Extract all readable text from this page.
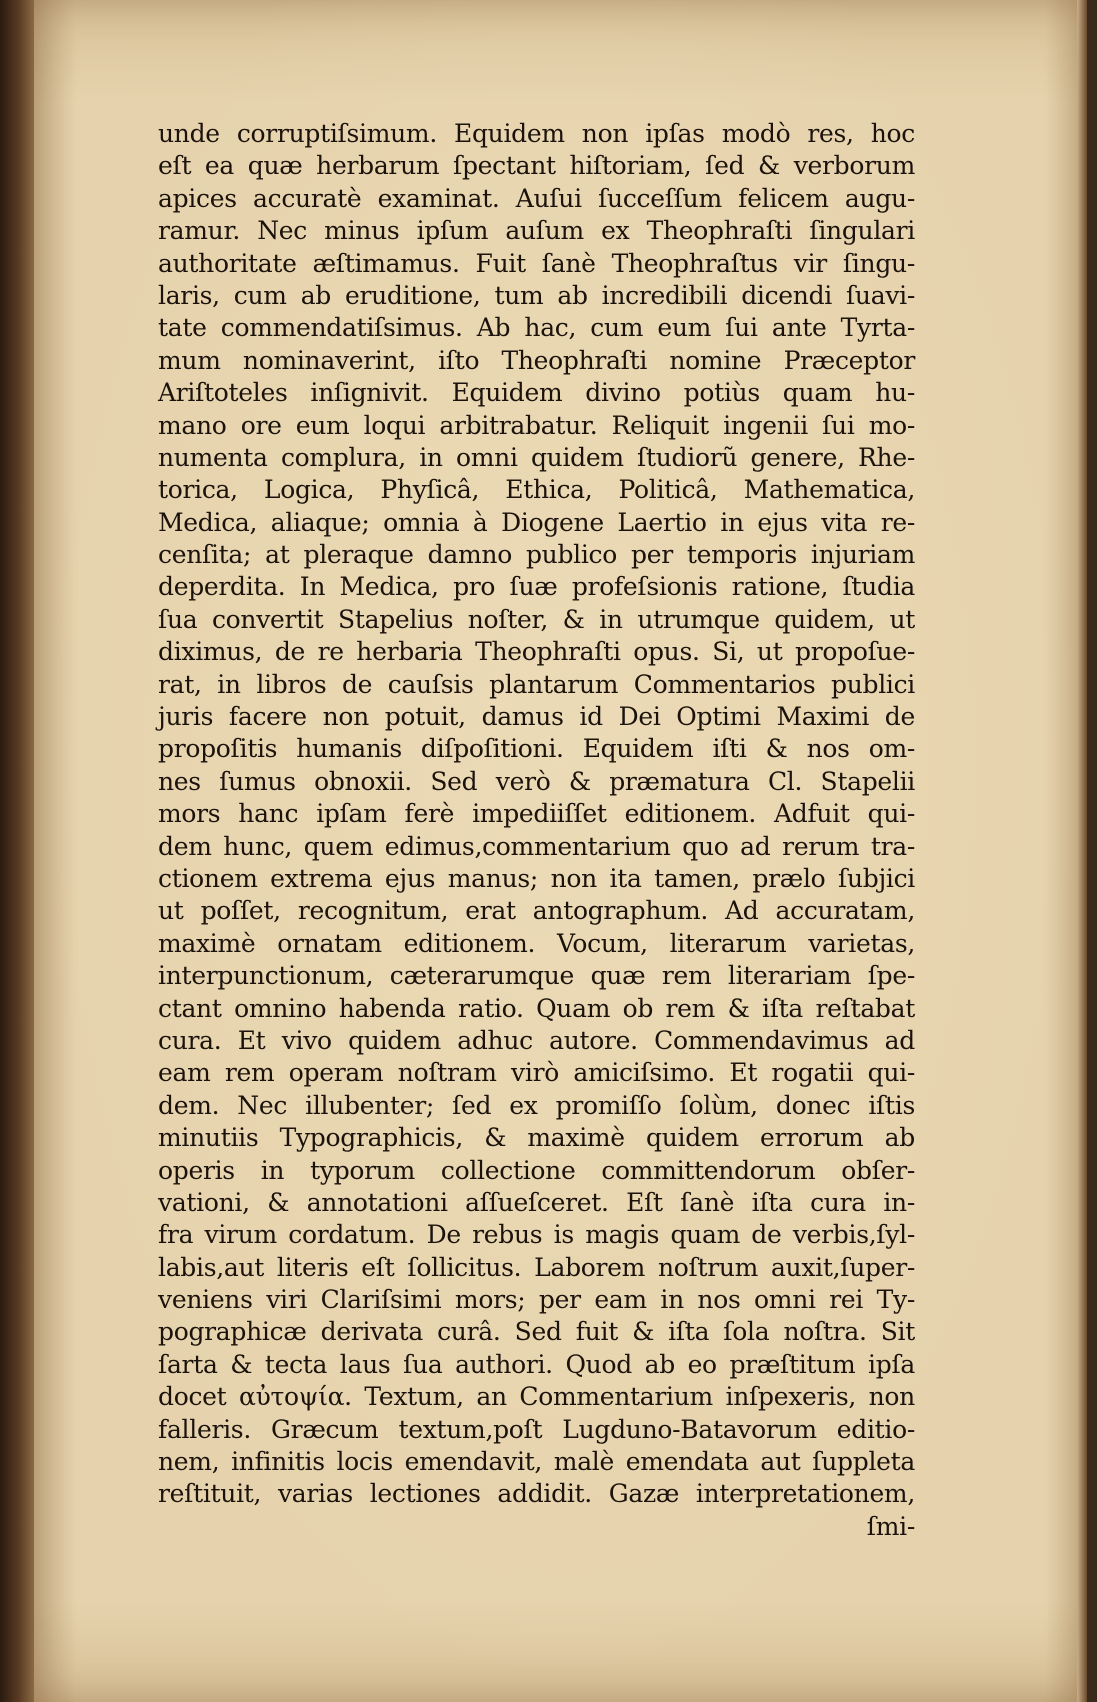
unde corruptiſsimum. Equidem non ipſas modò res, hoc
eſt ea quæ herbarum ſpectant hiſtoriam, ſed & verborum
apices accuratè examinat. Auſui ſucceſſum felicem augu-
ramur. Nec minus ipſum auſum ex Theophraſti ſingulari
authoritate æſtimamus. Fuit ſanè Theophraſtus vir ſingu-
laris, cum ab eruditione, tum ab incredibili dicendi ſuavi-
tate commendatiſsimus. Ab hac, cum eum ſui ante Tyrta-
mum nominaverint, iſto Theophraſti nomine Præceptor
Ariſtoteles inſignivit. Equidem divino potiùs quam hu-
mano ore eum loqui arbitrabatur. Reliquit ingenii ſui mo-
numenta complura, in omni quidem ſtudiorũ genere, Rhe-
torica, Logica, Phyſicâ, Ethica, Politicâ, Mathematica,
Medica, aliaque; omnia à Diogene Laertio in ejus vita re-
cenſita; at pleraque damno publico per temporis injuriam
deperdita. In Medica, pro ſuæ profeſsionis ratione, ſtudia
ſua convertit Stapelius noſter, & in utrumque quidem, ut
diximus, de re herbaria Theophraſti opus. Si, ut propoſue-
rat, in libros de cauſsis plantarum Commentarios publici
juris facere non potuit, damus id Dei Optimi Maximi de
propoſitis humanis diſpoſitioni. Equidem iſti & nos om-
nes ſumus obnoxii. Sed verò & præmatura Cl. Stapelii
mors hanc ipſam ferè impediiſſet editionem. Adfuit qui-
dem hunc, quem edimus,commentarium quo ad rerum tra-
ctionem extrema ejus manus; non ita tamen, prælo ſubjici
ut poſſet, recognitum, erat antographum. Ad accuratam,
maximè ornatam editionem. Vocum, literarum varietas,
interpunctionum, cæterarumque quæ rem literariam ſpe-
ctant omnino habenda ratio. Quam ob rem & iſta reſtabat
cura. Et vivo quidem adhuc autore. Commendavimus ad
eam rem operam noſtram virò amiciſsimo. Et rogatii qui-
dem. Nec illubenter; ſed ex promiſſo ſolùm, donec iſtis
minutiis Typographicis, & maximè quidem errorum ab
operis in typorum collectione committendorum obſer-
vationi, & annotationi aſſueſceret. Eſt ſanè iſta cura in-
fra virum cordatum. De rebus is magis quam de verbis,ſyl-
labis,aut literis eſt ſollicitus. Laborem noſtrum auxit,ſuper-
veniens viri Clariſsimi mors; per eam in nos omni rei Ty-
pographicæ derivata curâ. Sed fuit & iſta ſola noſtra. Sit
ſarta & tecta laus ſua authori. Quod ab eo præſtitum ipſa
docet αὐτοψία. Textum, an Commentarium inſpexeris, non
falleris. Græcum textum,poſt Lugduno-Batavorum editio-
nem, infinitis locis emendavit, malè emendata aut ſuppleta
reſtituit, varias lectiones addidit. Gazæ interpretationem,
ſmi-
